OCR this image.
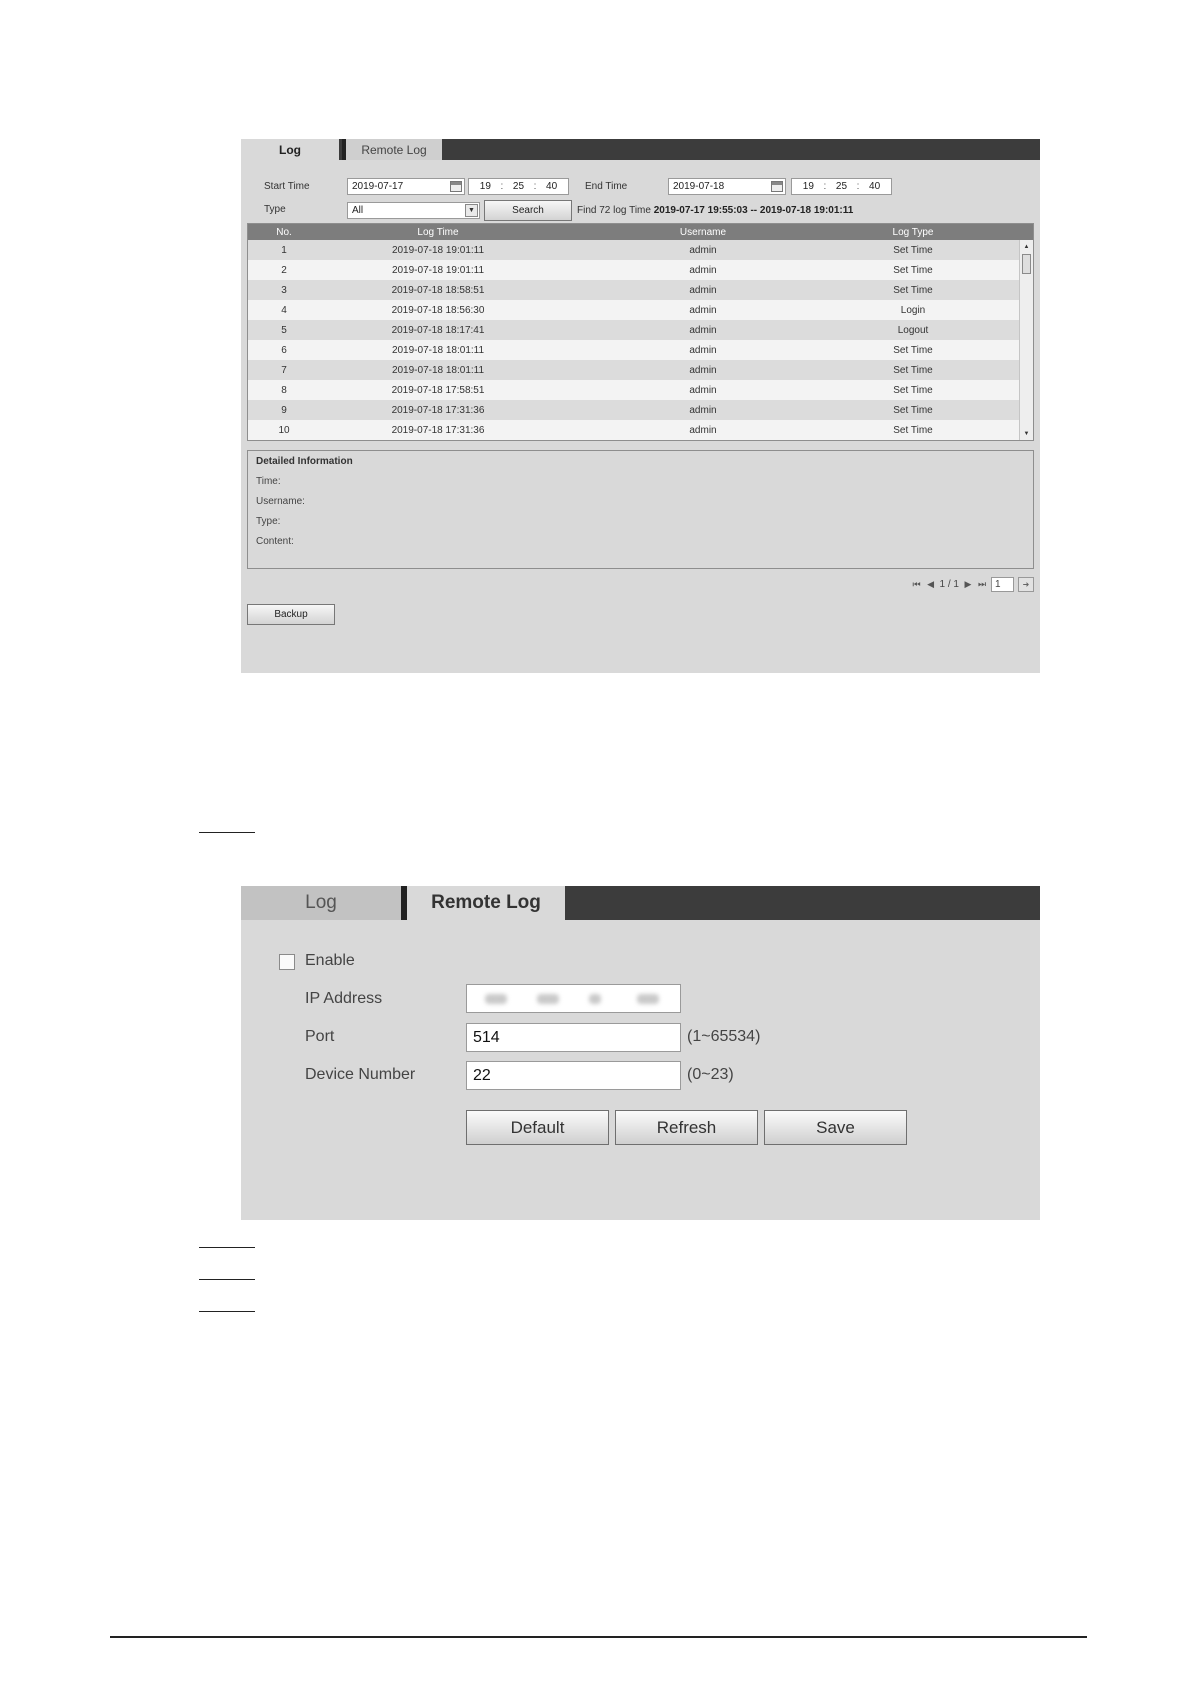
Log	Remote Log
Start Time	2019-07-17	19 : 25 : 40	End Time	2019-07-18	19 : 25 : 40
Type	All	▼	Search	Find 72 log Time 2019-07-17 19:55:03 -- 2019-07-18 19:01:11
No.	Log Time	Username	Log Type
1	2019-07-18 19:01:11	admin	Set Time
2	2019-07-18 19:01:11	admin	Set Time
3	2019-07-18 18:58:51	admin	Set Time
4	2019-07-18 18:56:30	admin	Login
5	2019-07-18 18:17:41	admin	Logout
6	2019-07-18 18:01:11	admin	Set Time
7	2019-07-18 18:01:11	admin	Set Time
8	2019-07-18 17:58:51	admin	Set Time
9	2019-07-18 17:31:36	admin	Set Time
10	2019-07-18 17:31:36	admin	Set Time
▲
▼
Detailed Information
Time:
Username:
Type:
Content:
⏮ ◀ 1 / 1 ▶ ⏭ 1	➜
Backup
Log	Remote Log
Enable
IP Address
Port	514	(1~65534)
Device Number	22	(0~23)
Default	Refresh	Save
